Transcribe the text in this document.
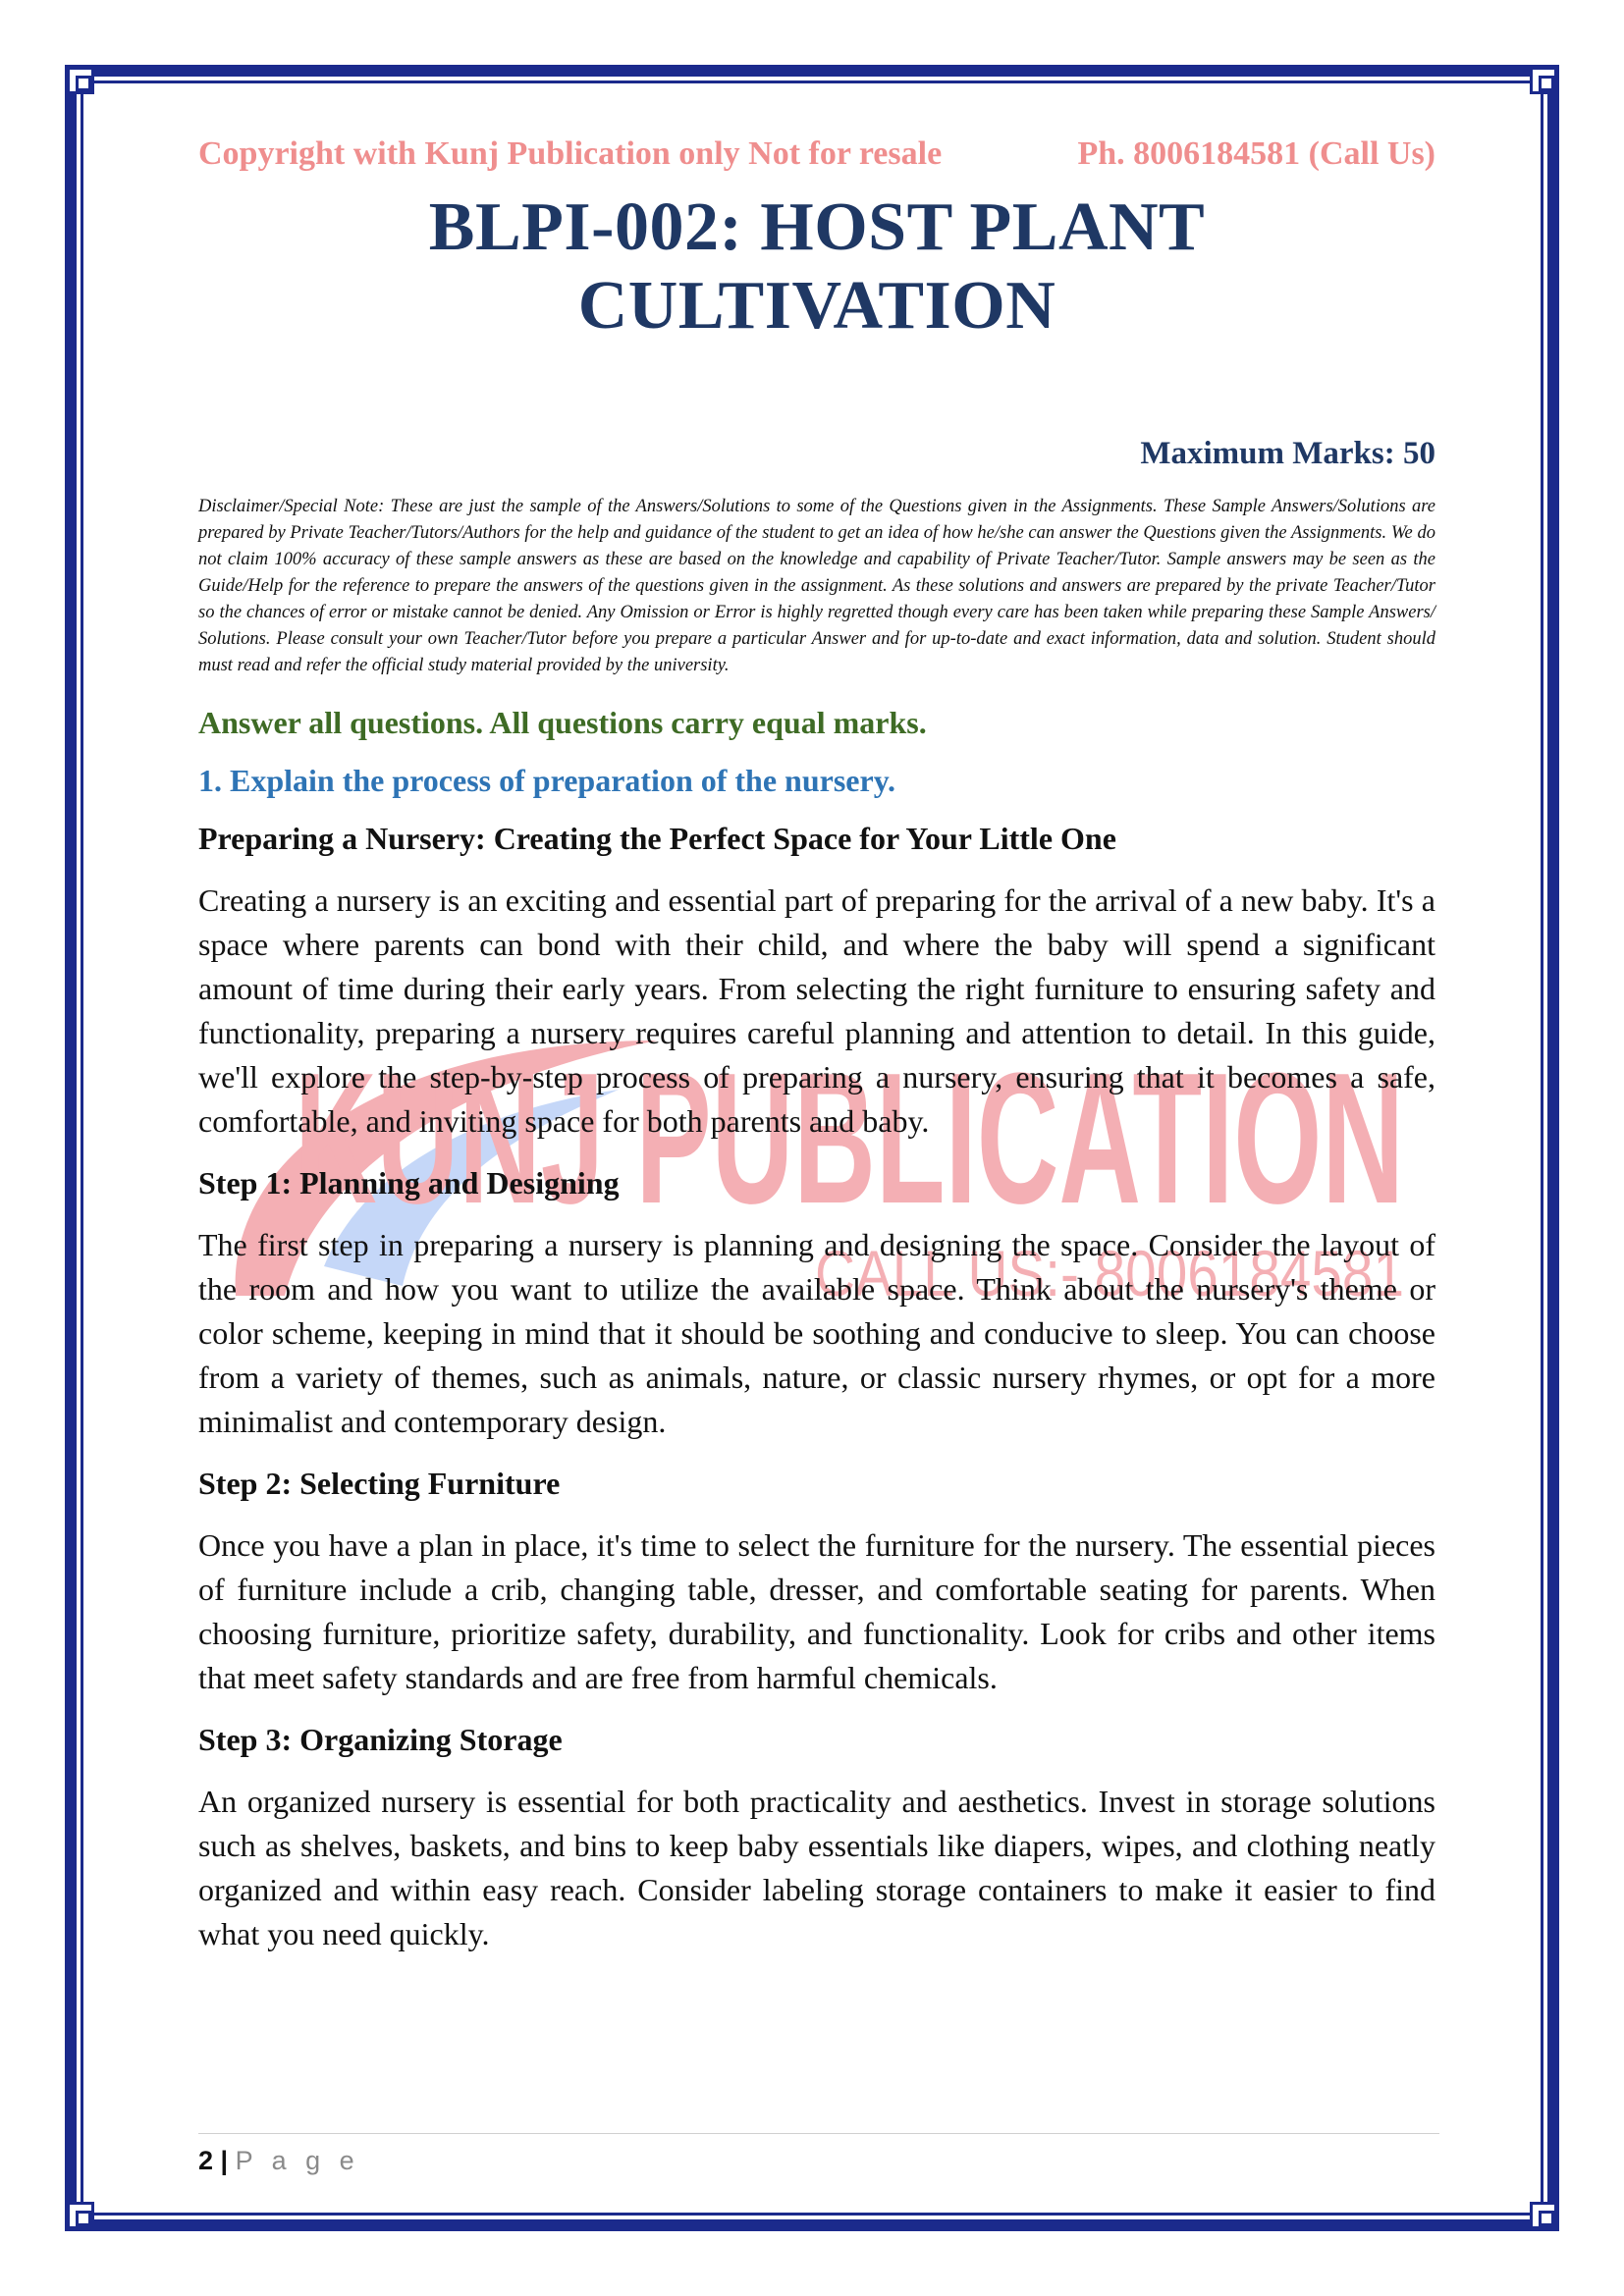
KUNJ PUBLICATION
CALL US:- 8006184581
Copyright with Kunj Publication only Not for resale	Ph. 8006184581 (Call Us)
BLPI-002: HOST PLANT CULTIVATION
Maximum Marks: 50
Disclaimer/Special Note: These are just the sample of the Answers/Solutions to some of the Questions given in the Assignments. These Sample Answers/Solutions are prepared by Private Teacher/Tutors/Authors for the help and guidance of the student to get an idea of how he/she can answer the Questions given the Assignments. We do not claim 100% accuracy of these sample answers as these are based on the knowledge and capability of Private Teacher/Tutor. Sample answers may be seen as the Guide/Help for the reference to prepare the answers of the questions given in the assignment. As these solutions and answers are prepared by the private Teacher/Tutor so the chances of error or mistake cannot be denied. Any Omission or Error is highly regretted though every care has been taken while preparing these Sample Answers/ Solutions. Please consult your own Teacher/Tutor before you prepare a particular Answer and for up-to-date and exact information, data and solution. Student should must read and refer the official study material provided by the university.
Answer all questions. All questions carry equal marks.
1. Explain the process of preparation of the nursery.
Preparing a Nursery: Creating the Perfect Space for Your Little One
Creating a nursery is an exciting and essential part of preparing for the arrival of a new baby. It's a space where parents can bond with their child, and where the baby will spend a significant amount of time during their early years. From selecting the right furniture to ensuring safety and functionality, preparing a nursery requires careful planning and attention to detail. In this guide, we'll explore the step-by-step process of preparing a nursery, ensuring that it becomes a safe, comfortable, and inviting space for both parents and baby.
Step 1: Planning and Designing
The first step in preparing a nursery is planning and designing the space. Consider the layout of the room and how you want to utilize the available space. Think about the nursery's theme or color scheme, keeping in mind that it should be soothing and conducive to sleep. You can choose from a variety of themes, such as animals, nature, or classic nursery rhymes, or opt for a more minimalist and contemporary design.
Step 2: Selecting Furniture
Once you have a plan in place, it's time to select the furniture for the nursery. The essential pieces of furniture include a crib, changing table, dresser, and comfortable seating for parents. When choosing furniture, prioritize safety, durability, and functionality. Look for cribs and other items that meet safety standards and are free from harmful chemicals.
Step 3: Organizing Storage
An organized nursery is essential for both practicality and aesthetics. Invest in storage solutions such as shelves, baskets, and bins to keep baby essentials like diapers, wipes, and clothing neatly organized and within easy reach. Consider labeling storage containers to make it easier to find what you need quickly.
2 | P a g e
